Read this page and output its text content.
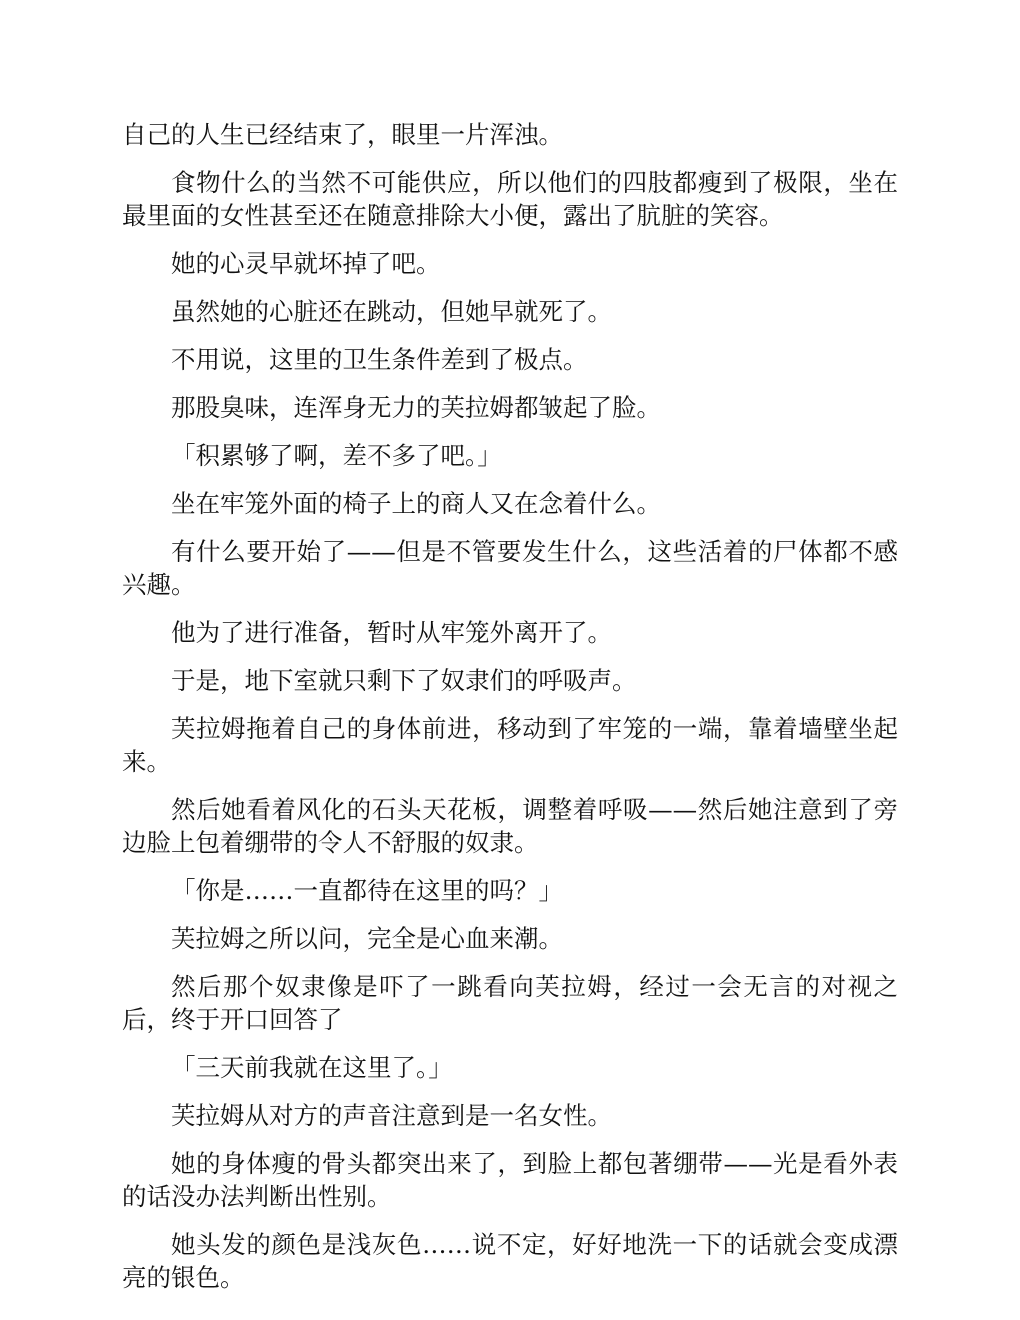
自己的人生已经结束了，眼里一片浑浊。

食物什么的当然不可能供应，所以他们的四肢都瘦到了极限，坐在最里面的女性甚至还在随意排除大小便，露出了肮脏的笑容。

她的心灵早就坏掉了吧。

虽然她的心脏还在跳动，但她早就死了。

不用说，这里的卫生条件差到了极点。

那股臭味，连浑身无力的芙拉姆都皱起了脸。

「积累够了啊，差不多了吧。」

坐在牢笼外面的椅子上的商人又在念着什么。

有什么要开始了——但是不管要发生什么，这些活着的尸体都不感兴趣。

他为了进行准备，暂时从牢笼外离开了。

于是，地下室就只剩下了奴隶们的呼吸声。

芙拉姆拖着自己的身体前进，移动到了牢笼的一端，靠着墙壁坐起来。

然后她看着风化的石头天花板，调整着呼吸——然后她注意到了旁边脸上包着绷带的令人不舒服的奴隶。

「你是……一直都待在这里的吗？」

芙拉姆之所以问，完全是心血来潮。

然后那个奴隶像是吓了一跳看向芙拉姆，经过一会无言的对视之后，终于开口回答了

「三天前我就在这里了。」

芙拉姆从对方的声音注意到是一名女性。

她的身体瘦的骨头都突出来了，到脸上都包著绷带——光是看外表的话没办法判断出性别。

她头发的颜色是浅灰色……说不定，好好地洗一下的话就会变成漂亮的银色。
